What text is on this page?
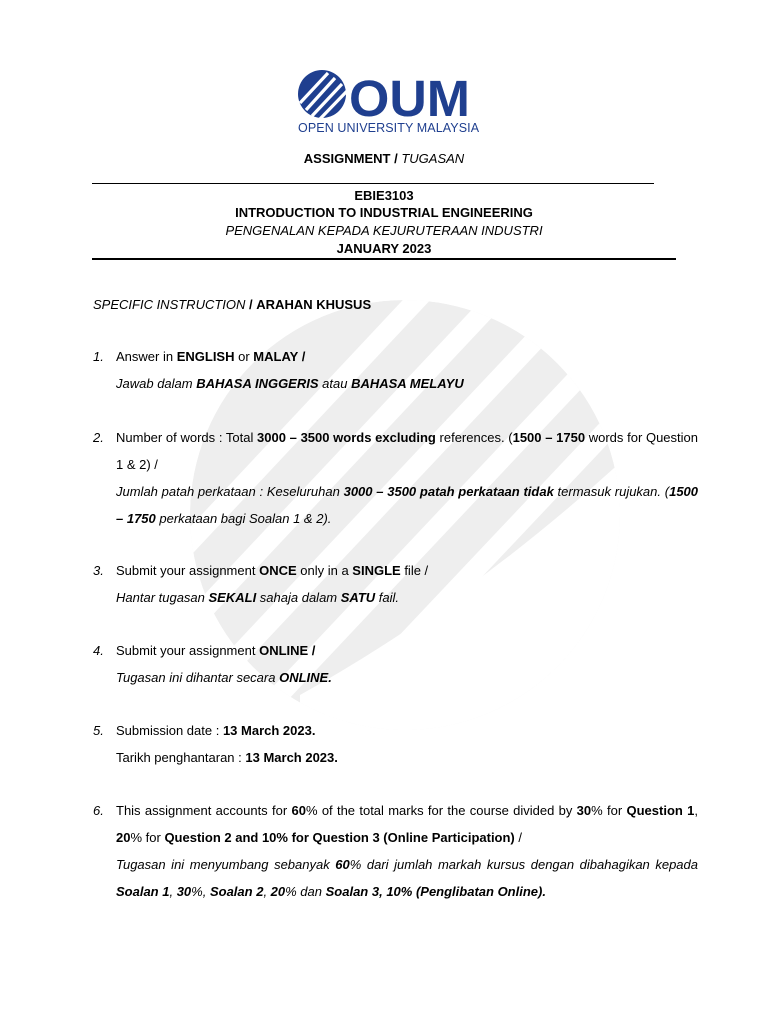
OUM
OPEN UNIVERSITY MALAYSIA
ASSIGNMENT / TUGASAN
EBIE3103
INTRODUCTION TO INDUSTRIAL ENGINEERING
PENGENALAN KEPADA KEJURUTERAAN INDUSTRI
JANUARY 2023
SPECIFIC INSTRUCTION / ARAHAN KHUSUS
1. Answer in ENGLISH or MALAY /
Jawab dalam BAHASA INGGERIS atau BAHASA MELAYU
2. Number of words : Total 3000 – 3500 words excluding references. (1500 – 1750 words for Question 1 & 2) /
Jumlah patah perkataan : Keseluruhan 3000 – 3500 patah perkataan tidak termasuk rujukan. (1500 – 1750 perkataan bagi Soalan 1 & 2).
3. Submit your assignment ONCE only in a SINGLE file /
Hantar tugasan SEKALI sahaja dalam SATU fail.
4. Submit your assignment ONLINE /
Tugasan ini dihantar secara ONLINE.
5. Submission date : 13 March 2023.
Tarikh penghantaran : 13 March 2023.
6. This assignment accounts for 60% of the total marks for the course divided by 30% for Question 1, 20% for Question 2 and 10% for Question 3 (Online Participation) /
Tugasan ini menyumbang sebanyak 60% dari jumlah markah kursus dengan dibahagikan kepada Soalan 1, 30%, Soalan 2, 20% dan Soalan 3, 10% (Penglibatan Online).
